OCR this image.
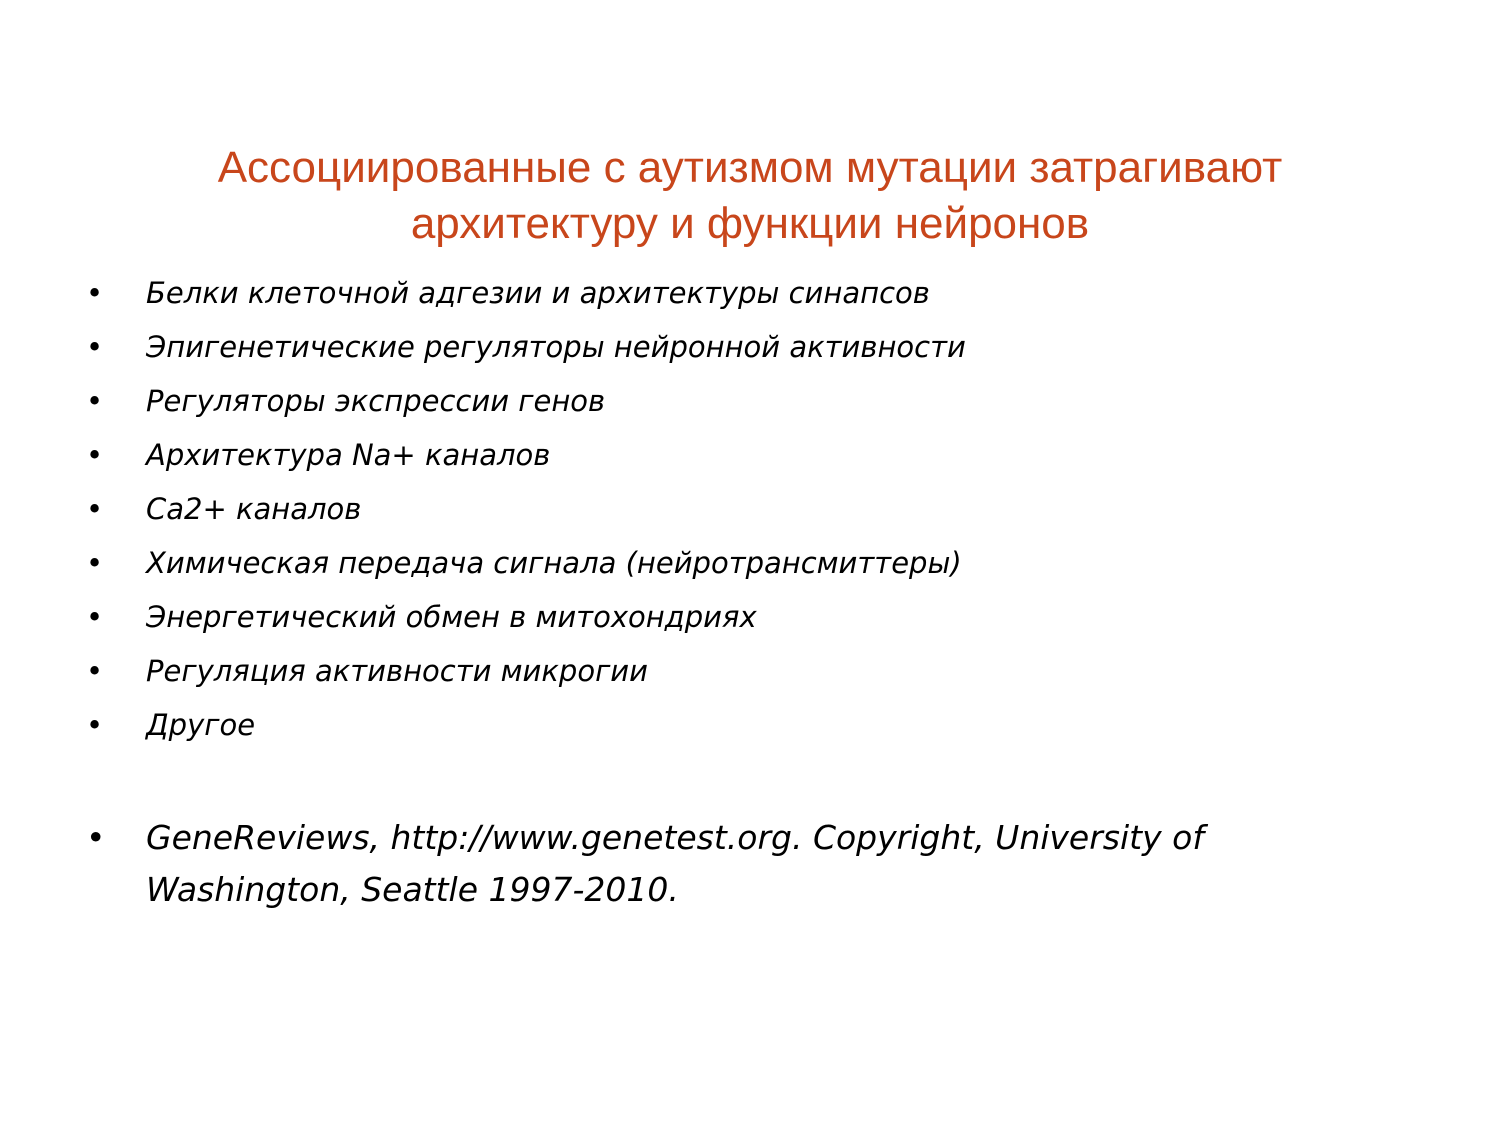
Ассоциированные с аутизмом мутации затрагивают
архитектуру и функции нейронов
• Белки клеточной адгезии и архитектуры синапсов
• Эпигенетические регуляторы нейронной активности
• Регуляторы экспрессии генов
• Архитектура Na+ каналов
• Ca2+ каналов
• Химическая передача сигнала (нейротрансмиттеры)
• Энергетический обмен в митохондриях
• Регуляция активности микрогии
• Другое
• GeneReviews, http://www.genetest.org. Copyright, University of Washington, Seattle 1997-2010.
